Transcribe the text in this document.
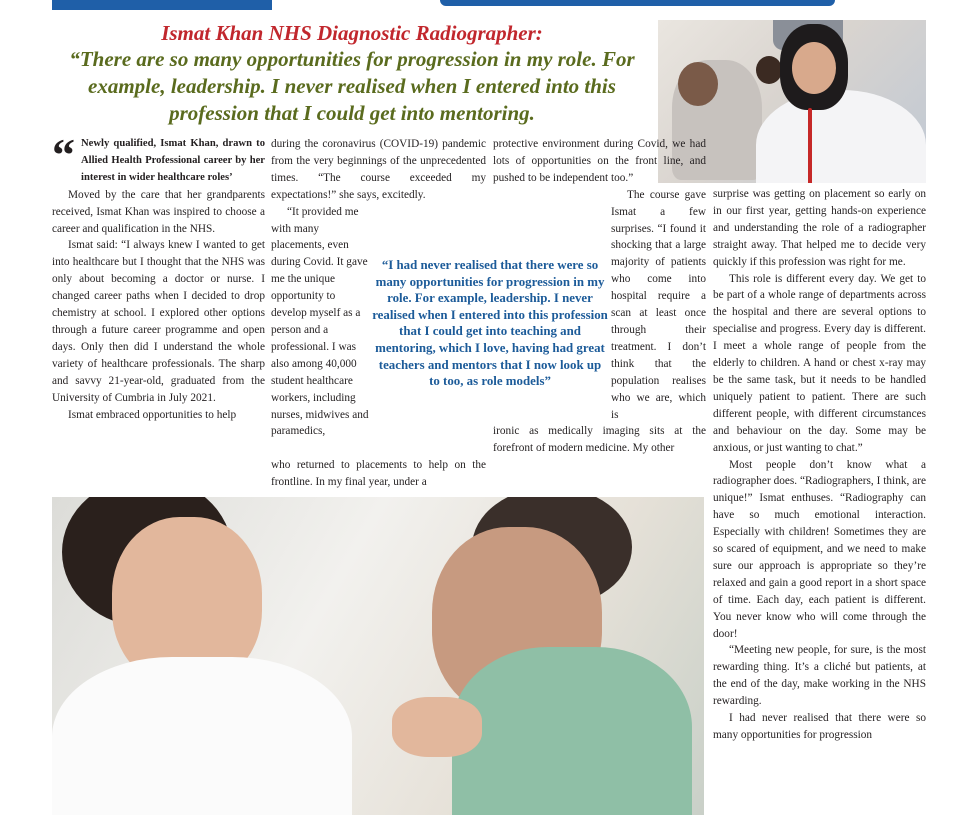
Ismat Khan NHS Diagnostic Radiographer:
“There are so many opportunities for progression in my role. For example, leadership. I never realised when I entered into this profession that I could get into mentoring.
“ Newly qualified, Ismat Khan, drawn to Allied Health Professional career by her interest in wider healthcare roles’

Moved by the care that her grandparents received, Ismat Khan was inspired to choose a career and qualification in the NHS.

Ismat said: “I always knew I wanted to get into healthcare but I thought that the NHS was only about becoming a doctor or nurse. I changed career paths when I decided to drop chemistry at school. I explored other options through a future career programme and open days. Only then did I understand the whole variety of healthcare professionals. The sharp and savvy 21-year-old, graduated from the University of Cumbria in July 2021.

Ismat embraced opportunities to help

during the coronavirus (COVID-19) pandemic from the very beginnings of the unprecedented times. “The course exceeded my expectations!” she says, excitedly.

“It provided me with many placements, even during Covid. It gave me the unique opportunity to develop myself as a person and a professional. I was also among 40,000 student healthcare workers, including nurses, midwives and paramedics,

who returned to placements to help on the frontline. In my final year, under a

protective environment during Covid, we had lots of opportunities on the front line, and pushed to be independent too.”

The course gave Ismat a few surprises. “I found it shocking that a large majority of patients who come into hospital require a scan at least once through their treatment. I don’t think that the population realises who we are, which is

ironic as medically imaging sits at the forefront of modern medicine. My other

surprise was getting on placement so early on in our first year, getting hands-on experience and understanding the role of a radiographer straight away. That helped me to decide very quickly if this profession was right for me.

This role is different every day. We get to be part of a whole range of departments across the hospital and there are several options to specialise and progress. Every day is different. I meet a whole range of people from the elderly to children. A hand or chest x-ray may be the same task, but it needs to be handled uniquely patient to patient. There are such different people, with different circumstances and behaviour on the day. Some may be anxious, or just wanting to chat.”

Most people don’t know what a radiographer does. “Radiographers, I think, are unique!” Ismat enthuses. “Radiography can have so much emotional interaction. Especially with children! Sometimes they are so scared of equipment, and we need to make sure our approach is appropriate so they’re relaxed and gain a good report in a short space of time. Each day, each patient is different. You never know who will come through the door!

“Meeting new people, for sure, is the most rewarding thing. It’s a cliché but patients, at the end of the day, make working in the NHS rewarding.

I had never realised that there were so many opportunities for progression

“I had never realised that there were so many opportunities for progression in my role. For example, leadership. I never realised when I entered into this profession that I could get into teaching and mentoring, which I love, having had great teachers and mentors that I now look up to too, as role models”
